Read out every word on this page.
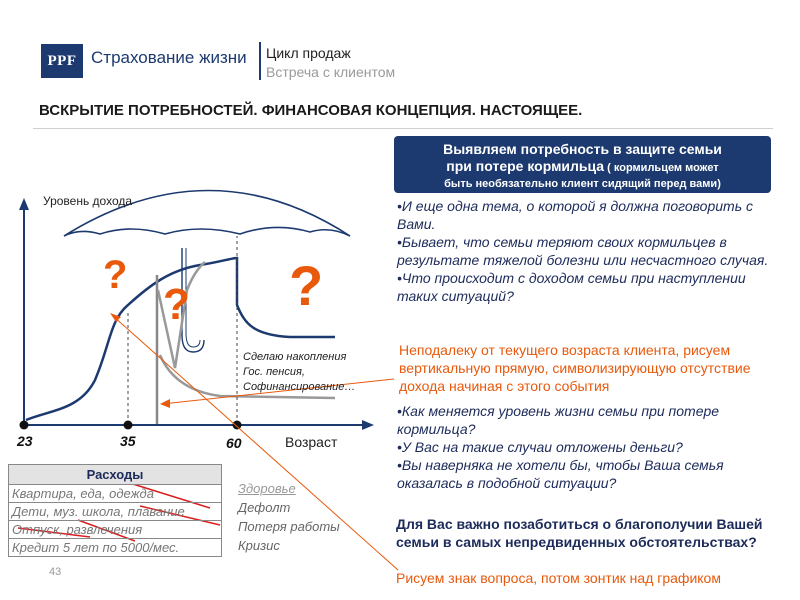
PPF Страхование жизни Цикл продаж
Встреча с клиентом
ВСКРЫТИЕ ПОТРЕБНОСТЕЙ. ФИНАНСОВАЯ КОНЦЕПЦИЯ. НАСТОЯЩЕЕ.
Выявляем потребность в защите семьи
при потере кормильца ( кормильцем может
быть необязательно клиент сидящий перед вами)
•И еще одна тема, о которой я должна поговорить с Вами.
•Бывает, что семьи теряют своих кормильцев в результате тяжелой болезни или несчастного случая.
•Что происходит с доходом семьи при наступлении таких ситуаций?
Неподалеку от текущего возраста клиента, рисуем вертикальную прямую, символизирующую отсутствие дохода начиная с этого события
•Как меняется уровень жизни семьи при потере кормильца?
•У Вас на такие случаи отложены деньги?
•Вы наверняка не хотели бы, чтобы Ваша семья оказалась в подобной ситуации?
Для Вас важно позаботиться о благополучии Вашей семьи в самых непредвиденных обстоятельствах?
Рисуем знак вопроса, потом зонтик над графиком
Уровень дохода
Возраст
23	35	60
?
? ?
Сделаю накопления
Гос. пенсия,
Софинансирование…
Расходы
Квартира, еда, одежда
Дети, муз. школа, плавание
Отпуск, развлечения
Кредит 5 лет по 5000/мес.
Здоровье
Дефолт
Потеря работы
Кризис
43
